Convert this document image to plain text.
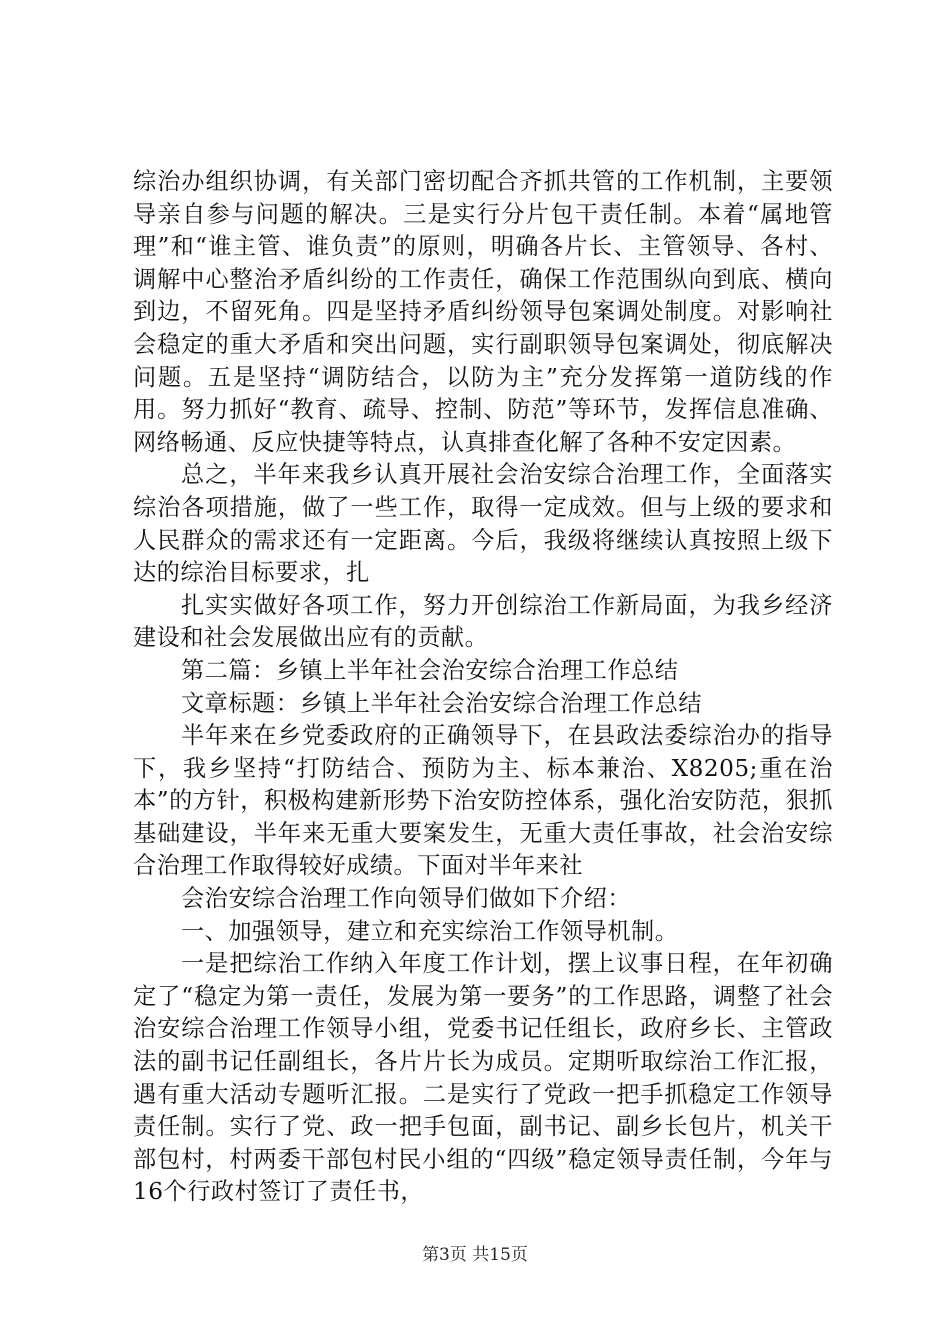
综治办组织协调，有关部门密切配合齐抓共管的工作机制，主要领导亲自参与问题的解决。三是实行分片包干责任制。本着“属地管理”和“谁主管、谁负责”的原则，明确各片长、主管领导、各村、调解中心整治矛盾纠纷的工作责任，确保工作范围纵向到底、横向到边，不留死角。四是坚持矛盾纠纷领导包案调处制度。对影响社会稳定的重大矛盾和突出问题，实行副职领导包案调处，彻底解决问题。五是坚持“调防结合，以防为主”充分发挥第一道防线的作用。努力抓好“教育、疏导、控制、防范”等环节，发挥信息准确、网络畅通、反应快捷等特点，认真排查化解了各种不安定因素。

总之，半年来我乡认真开展社会治安综合治理工作，全面落实综治各项措施，做了一些工作，取得一定成效。但与上级的要求和人民群众的需求还有一定距离。今后，我级将继续认真按照上级下达的综治目标要求，扎

扎实实做好各项工作，努力开创综治工作新局面，为我乡经济建设和社会发展做出应有的贡献。

第二篇：乡镇上半年社会治安综合治理工作总结

文章标题：乡镇上半年社会治安综合治理工作总结

半年来在乡党委政府的正确领导下，在县政法委综治办的指导下，我乡坚持“打防结合、预防为主、标本兼治、X8205;重在治本”的方针，积极构建新形势下治安防控体系，强化治安防范，狠抓基础建设，半年来无重大要案发生，无重大责任事故，社会治安综合治理工作取得较好成绩。下面对半年来社

会治安综合治理工作向领导们做如下介绍：

一、加强领导，建立和充实综治工作领导机制。

一是把综治工作纳入年度工作计划，摆上议事日程，在年初确定了“稳定为第一责任，发展为第一要务”的工作思路，调整了社会治安综合治理工作领导小组，党委书记任组长，政府乡长、主管政法的副书记任副组长，各片片长为成员。定期听取综治工作汇报，遇有重大活动专题听汇报。二是实行了党政一把手抓稳定工作领导责任制。实行了党、政一把手包面，副书记、副乡长包片，机关干部包村，村两委干部包村民小组的“四级”稳定领导责任制，今年与16个行政村签订了责任书，

第3页 共15页
